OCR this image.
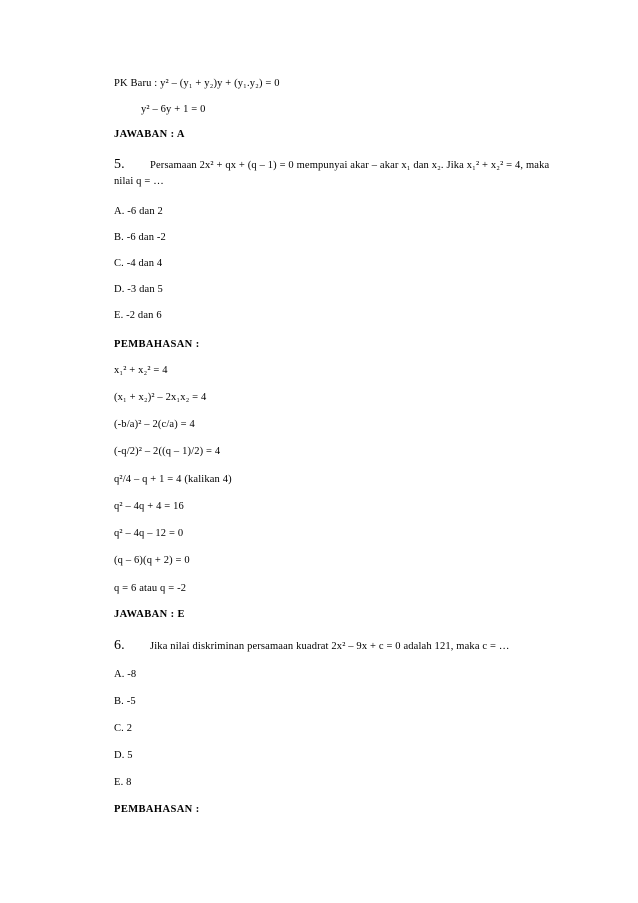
PK Baru : y² – (y₁ + y₂)y + (y₁.y₂) = 0
y² – 6y + 1 = 0
JAWABAN : A
5. Persamaan 2x² + qx + (q – 1) = 0 mempunyai akar – akar x₁ dan x₂. Jika x₁² + x₂² = 4, maka
nilai q = …
A. -6 dan 2
B. -6 dan -2
C. -4 dan 4
D. -3 dan 5
E. -2 dan 6
PEMBAHASAN :
x₁² + x₂² = 4
(x₁ + x₂)² – 2x₁x₂ = 4
(-b/a)² – 2(c/a) = 4
(-q/2)² – 2((q – 1)/2) = 4
q²/4 – q + 1 = 4 (kalikan 4)
q² – 4q + 4 = 16
q² – 4q – 12 = 0
(q – 6)(q + 2) = 0
q = 6 atau q = -2
JAWABAN : E
6. Jika nilai diskriminan persamaan kuadrat 2x² – 9x + c = 0 adalah 121, maka c = …
A. -8
B. -5
C. 2
D. 5
E. 8
PEMBAHASAN :
